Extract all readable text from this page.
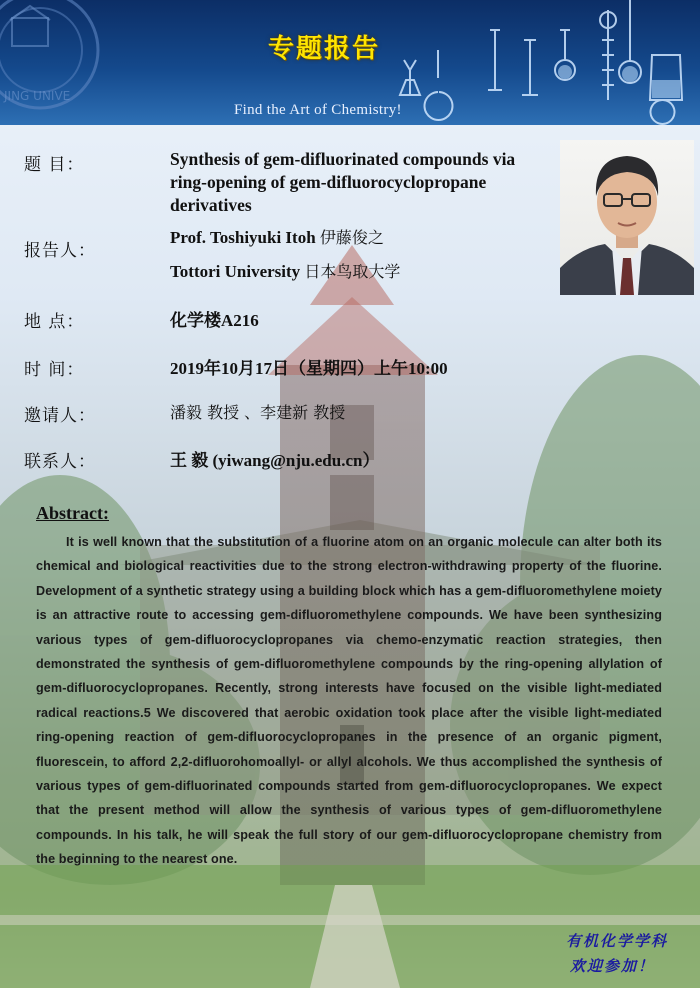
JING UNIVE
专题报告
Find the Art of Chemistry!
题 目：	Synthesis of gem-difluorinated compounds via ring-opening of gem-difluorocyclopropane derivatives
报告人：
Prof. Toshiyuki Itoh 伊藤俊之
Tottori University 日本鸟取大学
地 点：	化学楼A216
时 间：	2019年10月17日（星期四）上午10:00
邀请人：	潘毅 教授 、李建新 教授
联系人：	王 毅 (yiwang@nju.edu.cn）
Abstract:
It is well known that the substitution of a fluorine atom on an organic molecule can alter both its chemical and biological reactivities due to the strong electron-withdrawing property of the fluorine. Development of a synthetic strategy using a building block which has a gem-difluoromethylene moiety is an attractive route to accessing gem-difluoromethylene compounds. We have been synthesizing various types of gem-difluorocyclopropanes via chemo-enzymatic reaction strategies, then demonstrated the synthesis of gem-difluoromethylene compounds by the ring-opening allylation of gem-difluorocyclopropanes. Recently, strong interests have focused on the visible light-mediated radical reactions.5 We discovered that aerobic oxidation took place after the visible light-mediated ring-opening reaction of gem-difluorocyclopropanes in the presence of an organic pigment, fluorescein, to afford 2,2-difluorohomoallyl- or allyl alcohols. We thus accomplished the synthesis of various types of gem-difluorinated compounds started from gem-difluorocyclopropanes. We expect that the present method will allow the synthesis of various types of gem-difluoromethylene compounds. In his talk, he will speak the full story of our gem-difluorocyclopropane chemistry from the beginning to the nearest one.
有机化学学科
欢迎参加！
